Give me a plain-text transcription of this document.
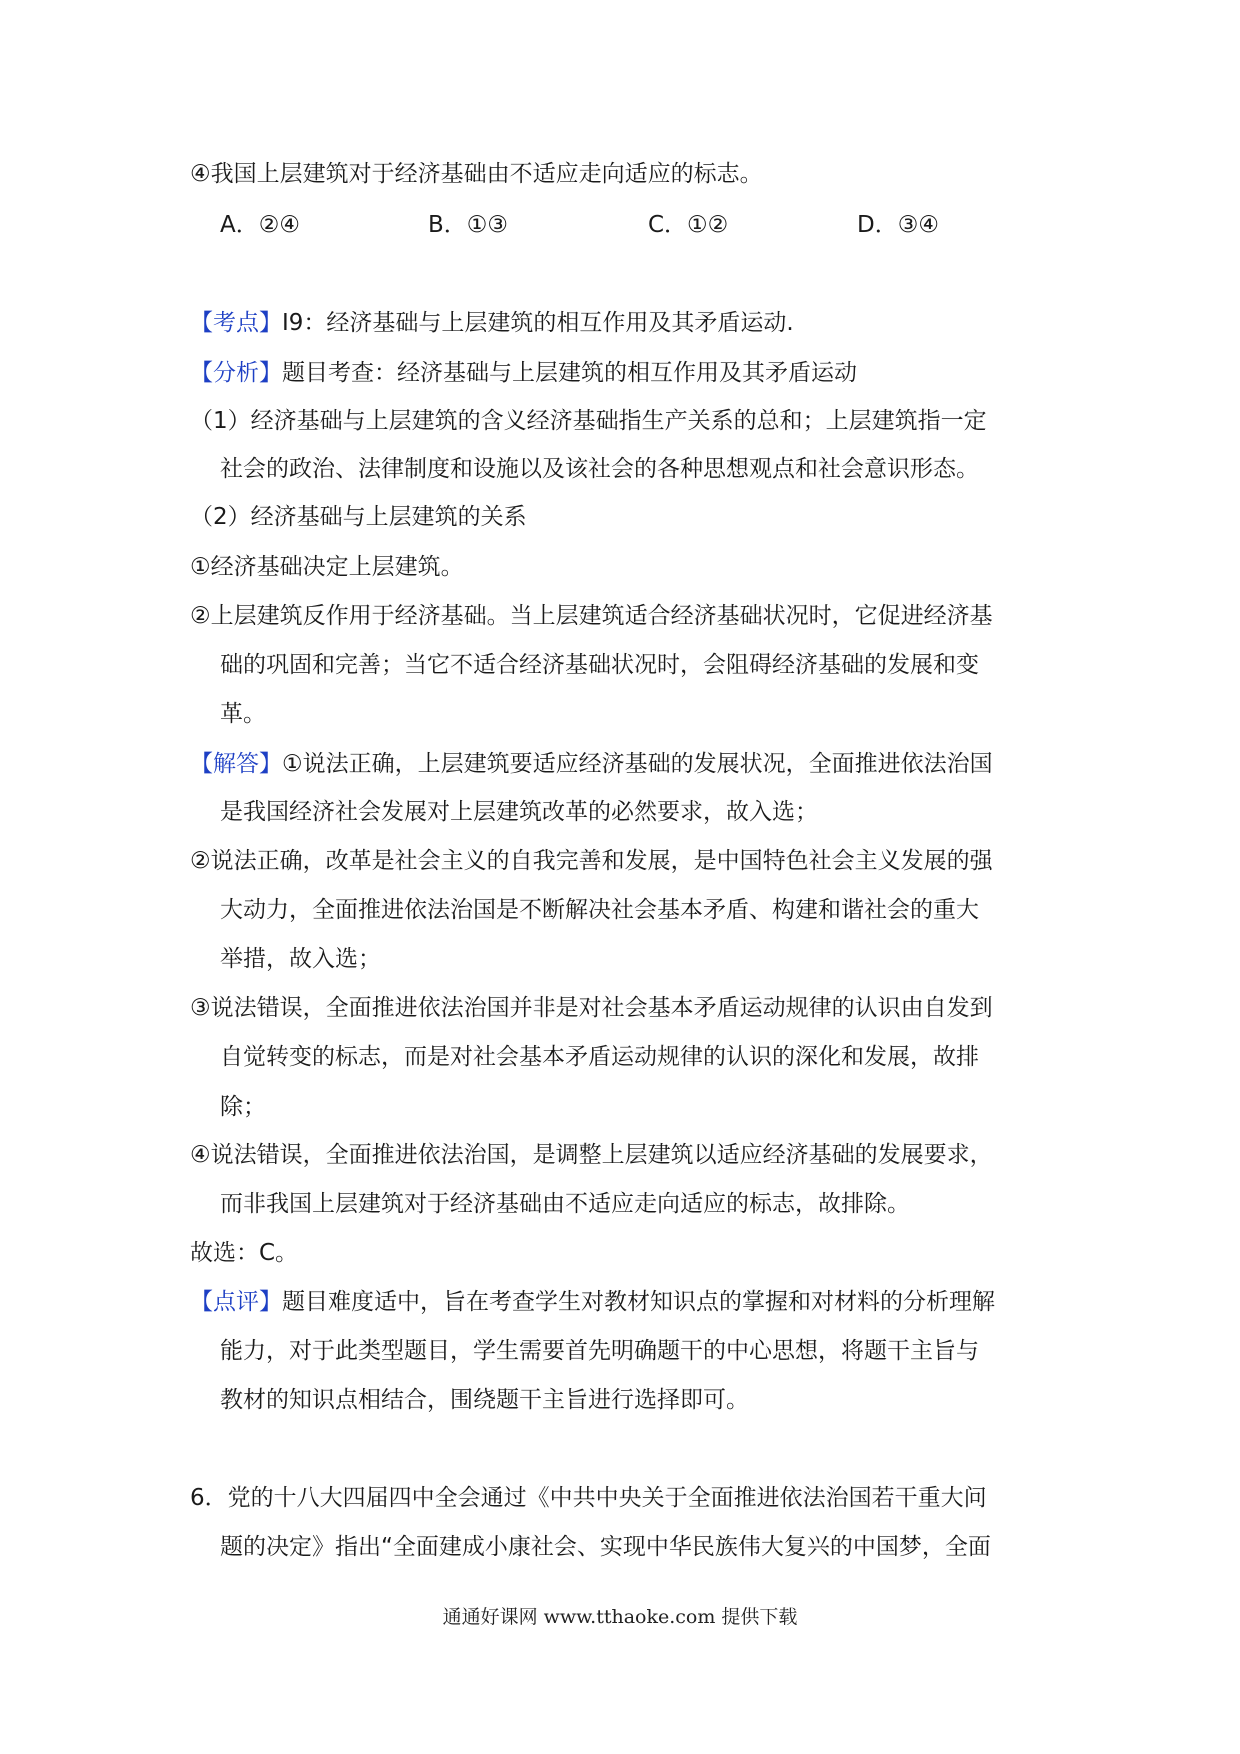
④我国上层建筑对于经济基础由不适应走向适应的标志。
A．②④	B．①③	C．①②	D．③④
【考点】I9：经济基础与上层建筑的相互作用及其矛盾运动.
【分析】题目考查：经济基础与上层建筑的相互作用及其矛盾运动
（1）经济基础与上层建筑的含义经济基础指生产关系的总和；上层建筑指一定
社会的政治、法律制度和设施以及该社会的各种思想观点和社会意识形态。
（2）经济基础与上层建筑的关系
①经济基础决定上层建筑。
②上层建筑反作用于经济基础。当上层建筑适合经济基础状况时，它促进经济基
础的巩固和完善；当它不适合经济基础状况时，会阻碍经济基础的发展和变
革。
【解答】①说法正确，上层建筑要适应经济基础的发展状况，全面推进依法治国
是我国经济社会发展对上层建筑改革的必然要求，故入选；
②说法正确，改革是社会主义的自我完善和发展，是中国特色社会主义发展的强
大动力，全面推进依法治国是不断解决社会基本矛盾、构建和谐社会的重大
举措，故入选；
③说法错误，全面推进依法治国并非是对社会基本矛盾运动规律的认识由自发到
自觉转变的标志，而是对社会基本矛盾运动规律的认识的深化和发展，故排
除；
④说法错误，全面推进依法治国，是调整上层建筑以适应经济基础的发展要求，
而非我国上层建筑对于经济基础由不适应走向适应的标志，故排除。
故选：C。
【点评】题目难度适中，旨在考查学生对教材知识点的掌握和对材料的分析理解
能力，对于此类型题目，学生需要首先明确题干的中心思想，将题干主旨与
教材的知识点相结合，围绕题干主旨进行选择即可。
6．党的十八大四届四中全会通过《中共中央关于全面推进依法治国若干重大问
题的决定》指出“全面建成小康社会、实现中华民族伟大复兴的中国梦，全面
通通好课网 www.tthaoke.com 提供下载
